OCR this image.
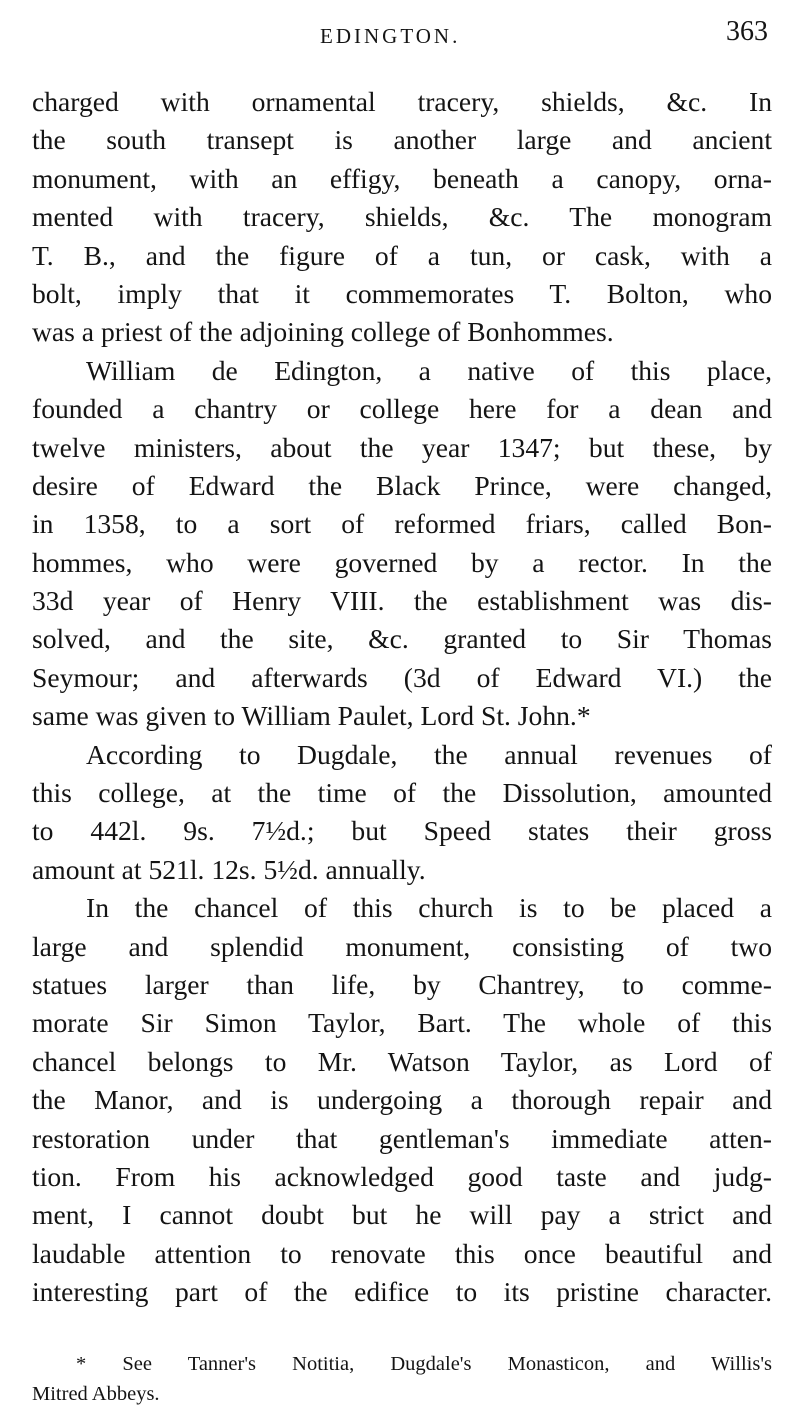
EDINGTON.	363
charged with ornamental tracery, shields, &c. In
the south transept is another large and ancient
monument, with an effigy, beneath a canopy, orna-
mented with tracery, shields, &c. The monogram
T. B., and the figure of a tun, or cask, with a
bolt, imply that it commemorates T. Bolton, who
was a priest of the adjoining college of Bonhommes.
William de Edington, a native of this place,
founded a chantry or college here for a dean and
twelve ministers, about the year 1347; but these, by
desire of Edward the Black Prince, were changed,
in 1358, to a sort of reformed friars, called Bon-
hommes, who were governed by a rector. In the
33d year of Henry VIII. the establishment was dis-
solved, and the site, &c. granted to Sir Thomas
Seymour; and afterwards (3d of Edward VI.) the
same was given to William Paulet, Lord St. John.*
According to Dugdale, the annual revenues of
this college, at the time of the Dissolution, amounted
to 442l. 9s. 7½d.; but Speed states their gross
amount at 521l. 12s. 5½d. annually.
In the chancel of this church is to be placed a
large and splendid monument, consisting of two
statues larger than life, by Chantrey, to comme-
morate Sir Simon Taylor, Bart. The whole of this
chancel belongs to Mr. Watson Taylor, as Lord of
the Manor, and is undergoing a thorough repair and
restoration under that gentleman's immediate atten-
tion. From his acknowledged good taste and judg-
ment, I cannot doubt but he will pay a strict and
laudable attention to renovate this once beautiful and
interesting part of the edifice to its pristine character.
* See Tanner's Notitia, Dugdale's Monasticon, and Willis's
Mitred Abbeys.
